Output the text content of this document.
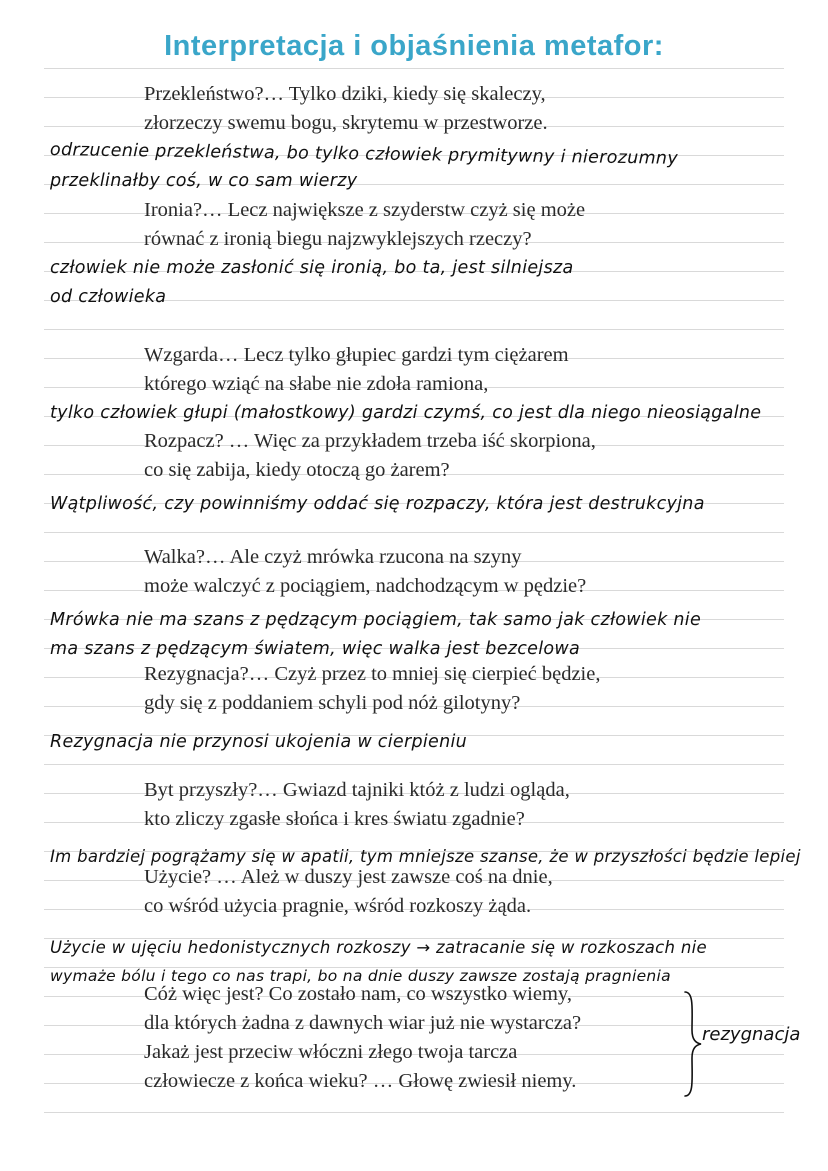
Interpretacja i objaśnienia metafor:
Przekleństwo?… Tylko dziki, kiedy się skaleczy,
złorzeczy swemu bogu, skrytemu w przestworze.
odrzucenie przekleństwa, bo tylko człowiek prymitywny i nierozumny
przeklinałby coś, w co sam wierzy
Ironia?… Lecz największe z szyderstw czyż się może
równać z ironią biegu najzwyklejszych rzeczy?
człowiek nie może zasłonić się ironią, bo ta, jest silniejsza
od człowieka
Wzgarda… Lecz tylko głupiec gardzi tym ciężarem
którego wziąć na słabe nie zdoła ramiona,
tylko człowiek głupi (małostkowy) gardzi czymś, co jest dla niego nieosiągalne
Rozpacz? … Więc za przykładem trzeba iść skorpiona,
co się zabija, kiedy otoczą go żarem?
Wątpliwość, czy powinniśmy oddać się rozpaczy, która jest destrukcyjna
Walka?… Ale czyż mrówka rzucona na szyny
może walczyć z pociągiem, nadchodzącym w pędzie?
Mrówka nie ma szans z pędzącym pociągiem, tak samo jak człowiek nie
ma szans z pędzącym światem, więc walka jest bezcelowa
Rezygnacja?… Czyż przez to mniej się cierpieć będzie,
gdy się z poddaniem schyli pod nóż gilotyny?
Rezygnacja nie przynosi ukojenia w cierpieniu
Byt przyszły?… Gwiazd tajniki któż z ludzi ogląda,
kto zliczy zgasłe słońca i kres światu zgadnie?
Im bardziej pogrążamy się w apatii, tym mniejsze szanse, że w przyszłości będzie lepiej
Użycie? … Ależ w duszy jest zawsze coś na dnie,
co wśród użycia pragnie, wśród rozkoszy żąda.
Użycie w ujęciu hedonistycznych rozkoszy → zatracanie się w rozkoszach nie
wymaże bólu i tego co nas trapi, bo na dnie duszy zawsze zostają pragnienia
Cóż więc jest? Co zostało nam, co wszystko wiemy,
dla których żadna z dawnych wiar już nie wystarcza?
Jakaż jest przeciw włóczni złego twoja tarcza
człowiecze z końca wieku? … Głowę zwiesił niemy.
rezygnacja
